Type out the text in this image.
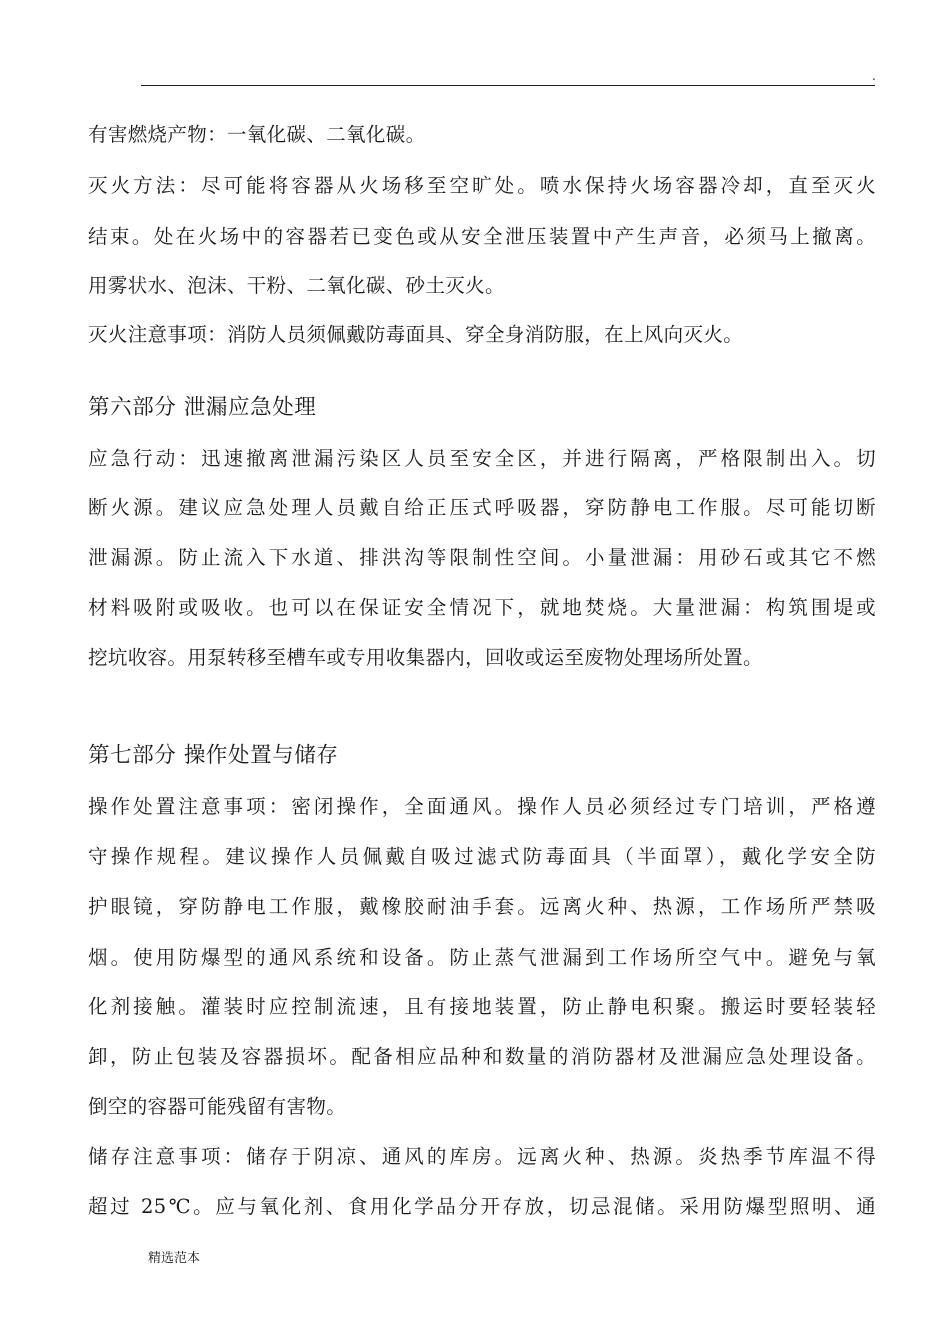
.
有害燃烧产物：一氧化碳、二氧化碳。
灭火方法：尽可能将容器从火场移至空旷处。喷水保持火场容器冷却，直至灭火
结束。处在火场中的容器若已变色或从安全泄压装置中产生声音，必须马上撤离。
用雾状水、泡沫、干粉、二氧化碳、砂土灭火。
灭火注意事项：消防人员须佩戴防毒面具、穿全身消防服，在上风向灭火。
第六部分 泄漏应急处理
应急行动：迅速撤离泄漏污染区人员至安全区，并进行隔离，严格限制出入。切
断火源。建议应急处理人员戴自给正压式呼吸器，穿防静电工作服。尽可能切断
泄漏源。防止流入下水道、排洪沟等限制性空间。小量泄漏：用砂石或其它不燃
材料吸附或吸收。也可以在保证安全情况下，就地焚烧。大量泄漏：构筑围堤或
挖坑收容。用泵转移至槽车或专用收集器内，回收或运至废物处理场所处置。
第七部分 操作处置与储存
操作处置注意事项：密闭操作，全面通风。操作人员必须经过专门培训，严格遵
守操作规程。建议操作人员佩戴自吸过滤式防毒面具（半面罩），戴化学安全防
护眼镜，穿防静电工作服，戴橡胶耐油手套。远离火种、热源，工作场所严禁吸
烟。使用防爆型的通风系统和设备。防止蒸气泄漏到工作场所空气中。避免与氧
化剂接触。灌装时应控制流速，且有接地装置，防止静电积聚。搬运时要轻装轻
卸，防止包装及容器损坏。配备相应品种和数量的消防器材及泄漏应急处理设备。
倒空的容器可能残留有害物。
储存注意事项：储存于阴凉、通风的库房。远离火种、热源。炎热季节库温不得
超过 25℃。应与氧化剂、食用化学品分开存放，切忌混储。采用防爆型照明、通
精选范本
